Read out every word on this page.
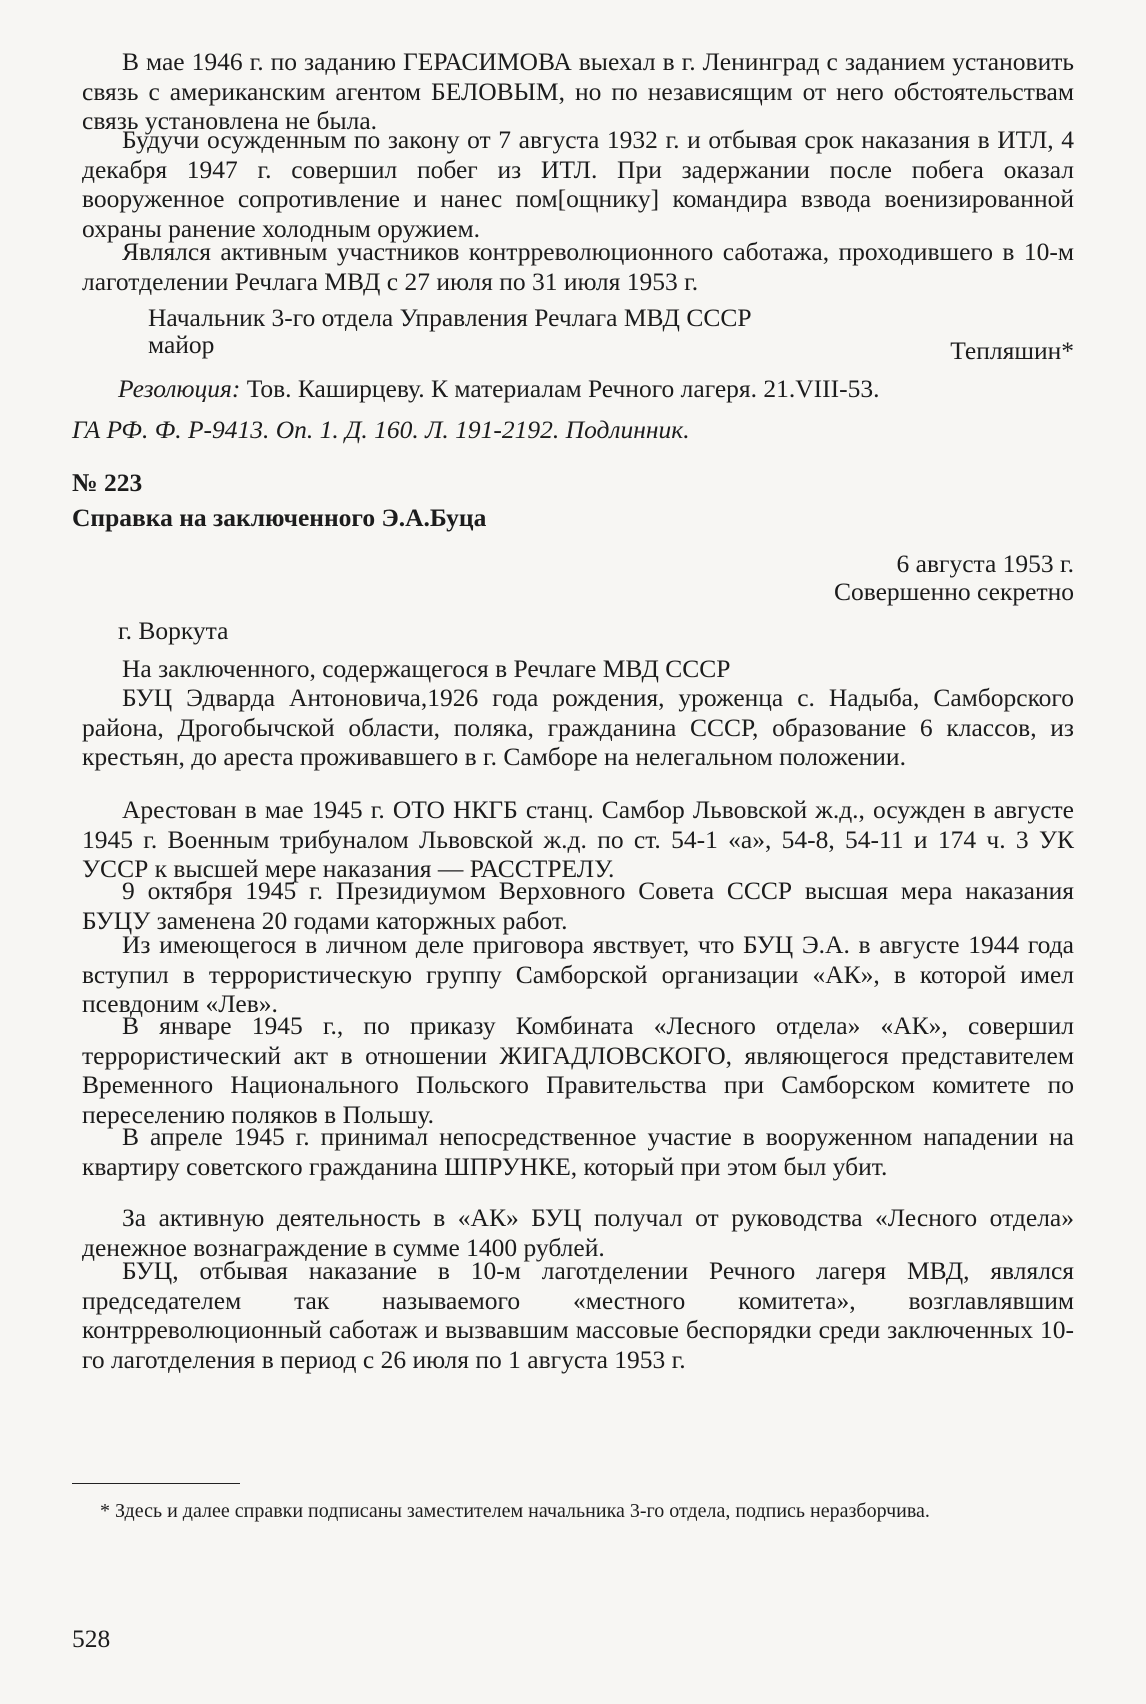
В мае 1946 г. по заданию ГЕРАСИМОВА выехал в г. Ленинград с заданием установить связь с американским агентом БЕЛОВЫМ, но по независящим от него обстоятельствам связь установлена не была.

Будучи осужденным по закону от 7 августа 1932 г. и отбывая срок наказания в ИТЛ, 4 декабря 1947 г. совершил побег из ИТЛ. При задержании после побега оказал вооруженное сопротивление и нанес пом[ощнику] командира взвода военизированной охраны ранение холодным оружием.

Являлся активным участников контрреволюционного саботажа, проходившего в 10-м лаготделении Речлага МВД с 27 июля по 31 июля 1953 г.

Начальник 3-го отдела Управления Речлага МВД СССР

майор	Тепляшин*

Резолюция: Тов. Каширцеву. К материалам Речного лагеря. 21.VIII-53.

ГА РФ. Ф. Р-9413. Оп. 1. Д. 160. Л. 191-2192. Подлинник.

№ 223

Справка на заключенного Э.А.Буца

6 августа 1953 г.

Совершенно секретно

г. Воркута

На заключенного, содержащегося в Речлаге МВД СССР

БУЦ Эдварда Антоновича,1926 года рождения, уроженца с. Надыба, Самборского района, Дрогобычской области, поляка, гражданина СССР, образование 6 классов, из крестьян, до ареста проживавшего в г. Самборе на нелегальном положении.

Арестован в мае 1945 г. ОТО НКГБ станц. Самбор Львовской ж.д., осужден в августе 1945 г. Военным трибуналом Львовской ж.д. по ст. 54-1 «а», 54-8, 54-11 и 174 ч. 3 УК УССР к высшей мере наказания — РАССТРЕЛУ.

9 октября 1945 г. Президиумом Верховного Совета СССР высшая мера наказания БУЦУ заменена 20 годами каторжных работ.

Из имеющегося в личном деле приговора явствует, что БУЦ Э.А. в августе 1944 года вступил в террористическую группу Самборской организации «АК», в которой имел псевдоним «Лев».

В январе 1945 г., по приказу Комбината «Лесного отдела» «АК», совершил террористический акт в отношении ЖИГАДЛОВСКОГО, являющегося представителем Временного Национального Польского Правительства при Самборском комитете по переселению поляков в Польшу.

В апреле 1945 г. принимал непосредственное участие в вооруженном нападении на квартиру советского гражданина ШПРУНКЕ, который при этом был убит.

За активную деятельность в «АК» БУЦ получал от руководства «Лесного отдела» денежное вознаграждение в сумме 1400 рублей.

БУЦ, отбывая наказание в 10-м лаготделении Речного лагеря МВД, являлся председателем так называемого «местного комитета», возглавлявшим контрреволюционный саботаж и вызвавшим массовые беспорядки среди заключенных 10-го лаготделения в период с 26 июля по 1 августа 1953 г.

* Здесь и далее справки подписаны заместителем начальника 3-го отдела, подпись неразборчива.

528
